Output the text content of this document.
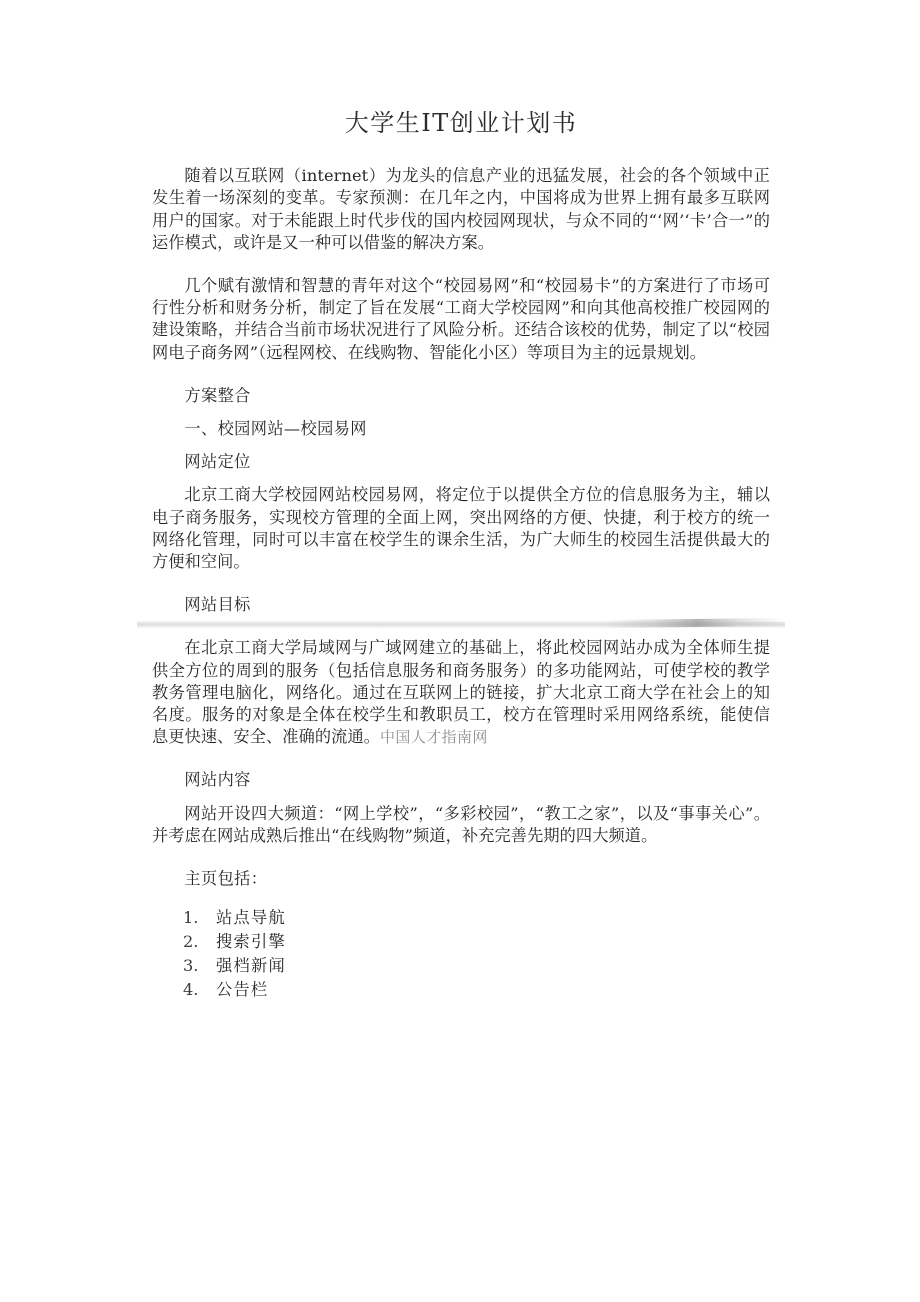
大学生IT创业计划书

随着以互联网（internet）为龙头的信息产业的迅猛发展，社会的各个领域中正发生着一场深刻的变革。专家预测：在几年之内，中国将成为世界上拥有最多互联网用户的国家。对于未能跟上时代步伐的国内校园网现状，与众不同的“‘网’‘卡’合一”的运作模式，或许是又一种可以借鉴的解决方案。

几个赋有激情和智慧的青年对这个“校园易网”和“校园易卡”的方案进行了市场可行性分析和财务分析，制定了旨在发展“工商大学校园网”和向其他高校推广校园网的建设策略，并结合当前市场状况进行了风险分析。还结合该校的优势，制定了以“校园网电子商务网”（远程网校、在线购物、智能化小区）等项目为主的远景规划。

方案整合

一、校园网站—校园易网

网站定位

北京工商大学校园网站校园易网，将定位于以提供全方位的信息服务为主，辅以电子商务服务，实现校方管理的全面上网，突出网络的方便、快捷，利于校方的统一网络化管理，同时可以丰富在校学生的课余生活，为广大师生的校园生活提供最大的方便和空间。

网站目标

在北京工商大学局域网与广域网建立的基础上，将此校园网站办成为全体师生提供全方位的周到的服务（包括信息服务和商务服务）的多功能网站，可使学校的教学教务管理电脑化，网络化。通过在互联网上的链接，扩大北京工商大学在社会上的知名度。服务的对象是全体在校学生和教职员工，校方在管理时采用网络系统，能使信息更快速、安全、准确的流通。中国人才指南网

网站内容

网站开设四大频道：“网上学校”，“多彩校园”，“教工之家”，以及“事事关心”。并考虑在网站成熟后推出“在线购物”频道，补充完善先期的四大频道。

主页包括：

1.	站点导航
2.	搜索引擎
3.	强档新闻
4.	公告栏
